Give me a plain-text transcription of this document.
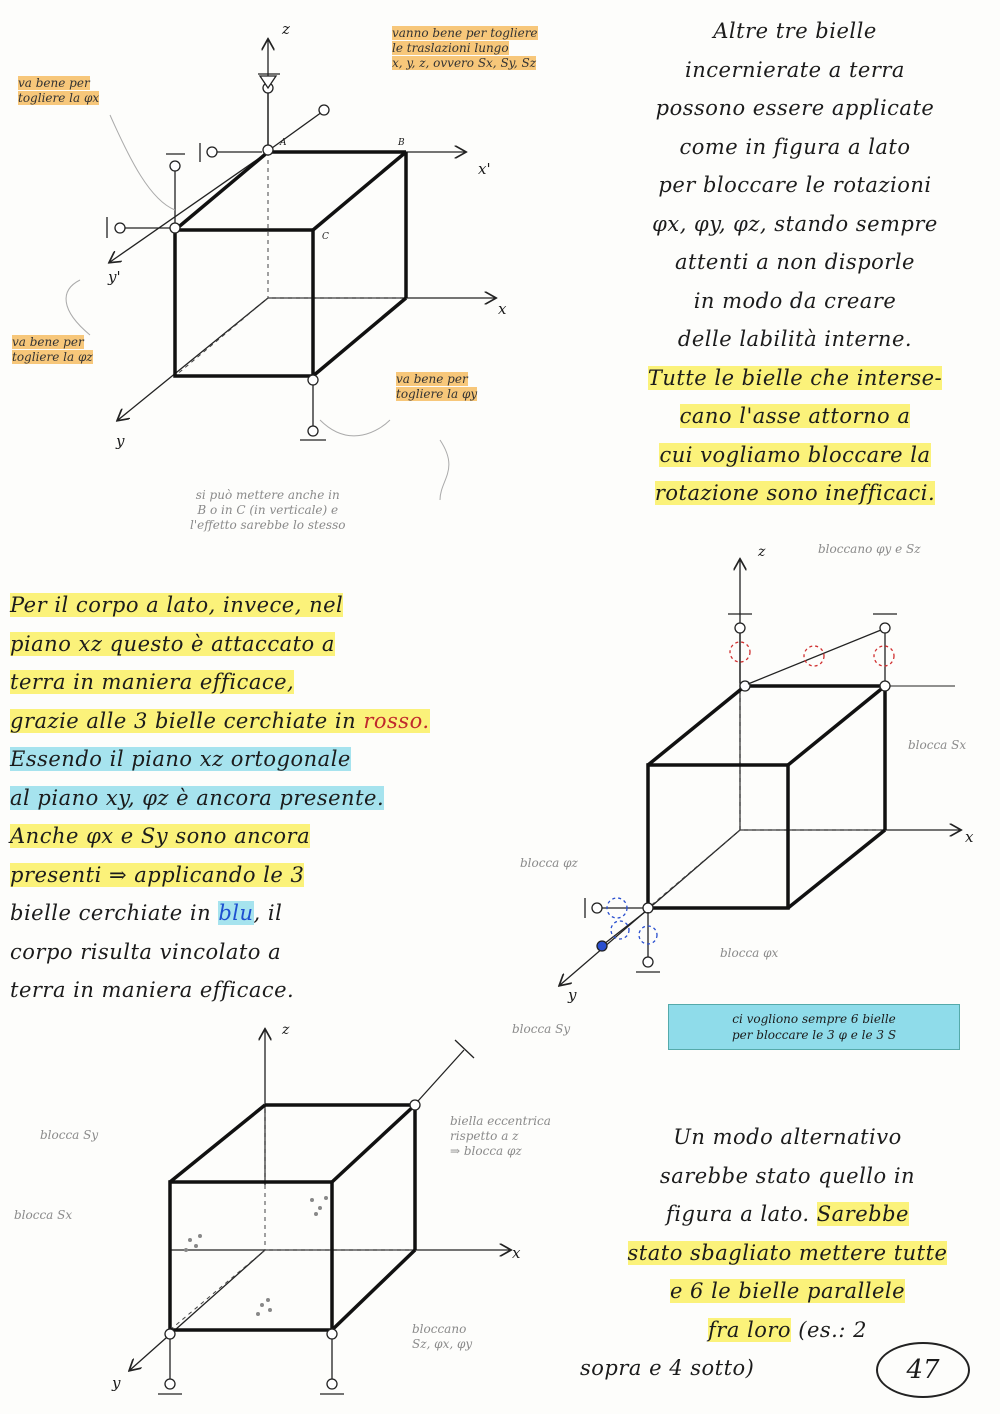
z
x'
x
y'
y
A	B
C
vanno bene per togliere
le traslazioni lungo
x, y, z, ovvero Sx, Sy, Sz
va bene per
togliere la φx
va bene per
togliere la φz
va bene per
togliere la φy
si può mettere anche in
B o in C (in verticale) e
l'effetto sarebbe lo stesso
Altre tre bielle
incernierate a terra
possono essere applicate
come in figura a lato
per bloccare le rotazioni
φx, φy, φz, stando sempre
attenti a non disporle
in modo da creare
delle labilità interne.
Tutte le bielle che interse-
cano l'asse attorno a
cui vogliamo bloccare la
rotazione sono inefficaci.
Per il corpo a lato, invece, nel
piano xz questo è attaccato a
terra in maniera efficace,
grazie alle 3 bielle cerchiate in rosso.
Essendo il piano xz ortogonale
al piano xy, φz è ancora presente.
Anche φx e Sy sono ancora
presenti ⇒ applicando le 3
bielle cerchiate in blu, il
corpo risulta vincolato a
terra in maniera efficace.
z
x
y
bloccano φy e Sz
blocca Sx
blocca φz
blocca φx
blocca Sy
ci vogliono sempre 6 bielle
per bloccare le 3 φ e le 3 S
z
x
y
blocca Sy
blocca Sx
biella eccentrica
rispetto a z
⇒ blocca φz
bloccano
Sz, φx, φy
Un modo alternativo
sarebbe stato quello in
figura a lato. Sarebbe
stato sbagliato mettere tutte
e 6 le bielle parallele
fra loro (es.: 2
sopra e 4 sotto)	47
